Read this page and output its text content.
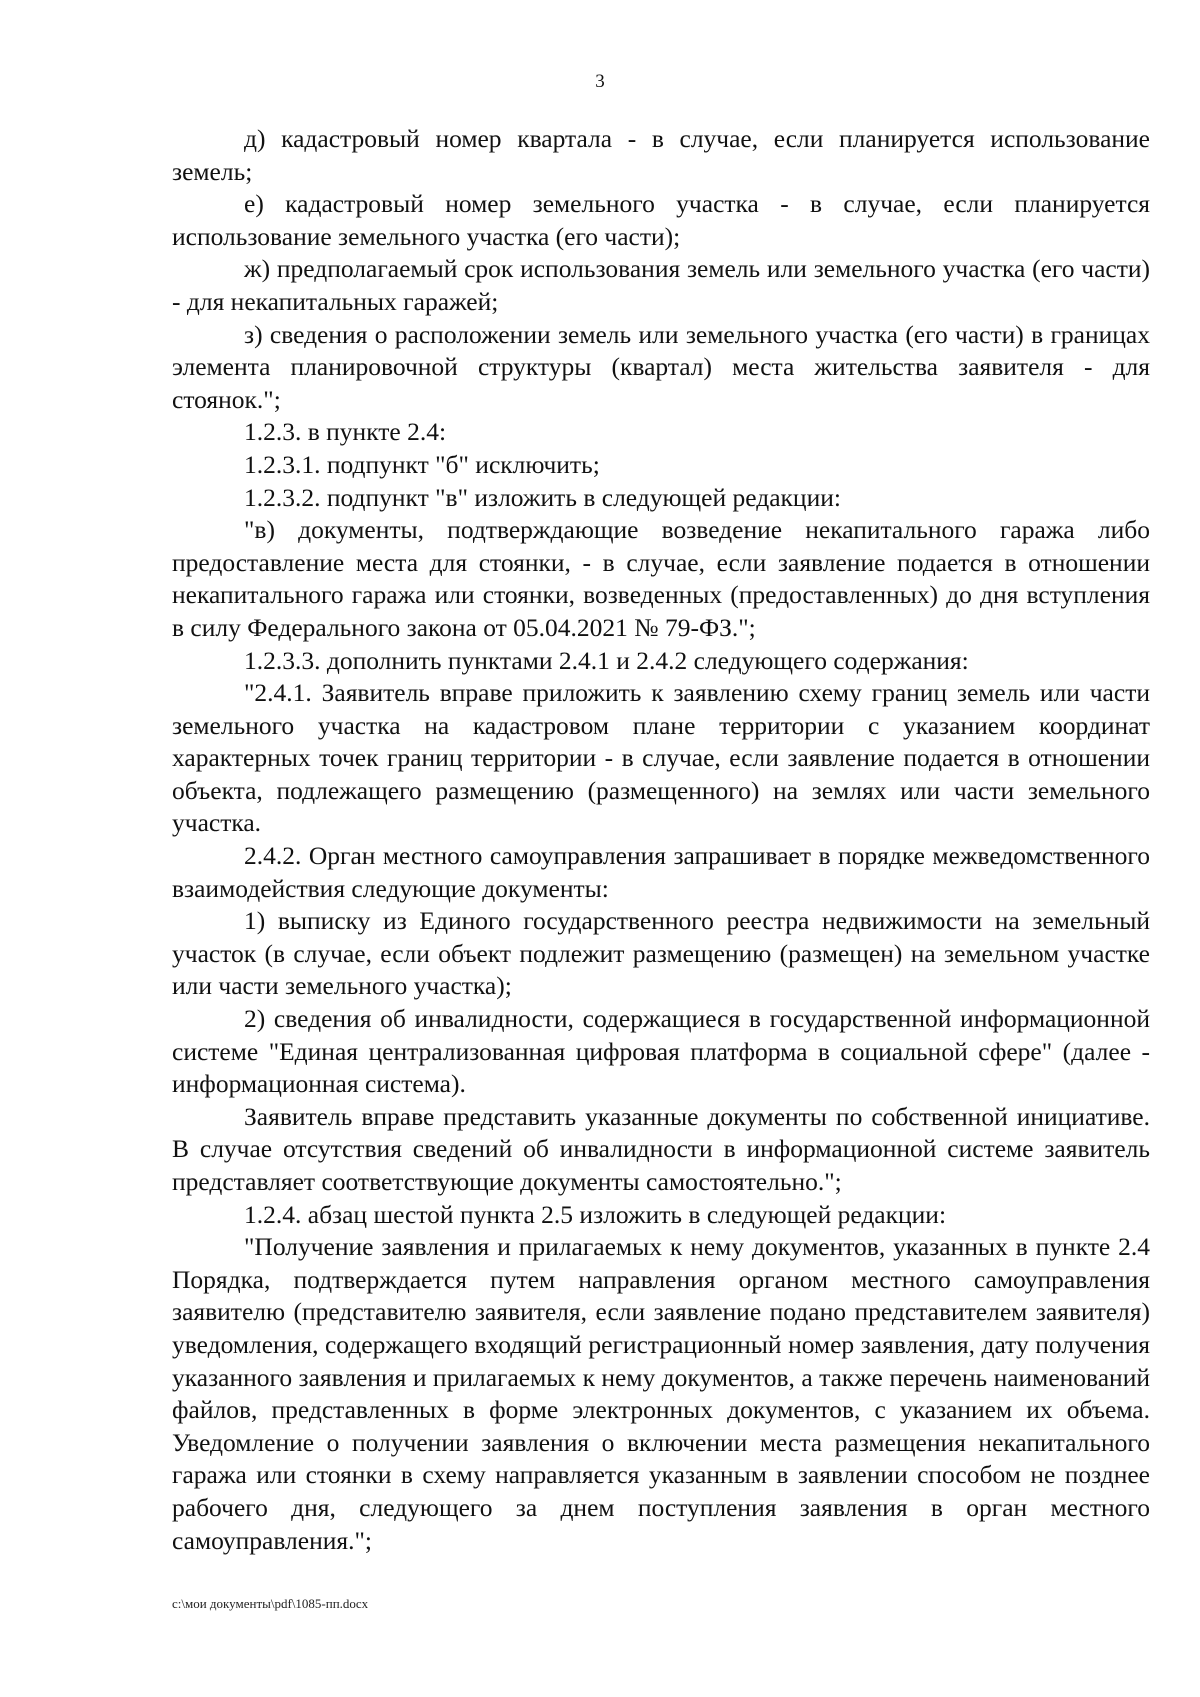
3

д) кадастровый номер квартала - в случае, если планируется использование земель;

е) кадастровый номер земельного участка - в случае, если планируется использование земельного участка (его части);

ж) предполагаемый срок использования земель или земельного участка (его части) - для некапитальных гаражей;

з) сведения о расположении земель или земельного участка (его части) в границах элемента планировочной структуры (квартал) места жительства заявителя - для стоянок.";

1.2.3. в пункте 2.4:

1.2.3.1. подпункт "б" исключить;

1.2.3.2. подпункт "в" изложить в следующей редакции:

"в) документы, подтверждающие возведение некапитального гаража либо предоставление места для стоянки, - в случае, если заявление подается в отношении некапитального гаража или стоянки, возведенных (предоставленных) до дня вступления в силу Федерального закона от 05.04.2021 № 79-ФЗ.";

1.2.3.3. дополнить пунктами 2.4.1 и 2.4.2 следующего содержания:

"2.4.1. Заявитель вправе приложить к заявлению схему границ земель или части земельного участка на кадастровом плане территории с указанием координат характерных точек границ территории - в случае, если заявление подается в отношении объекта, подлежащего размещению (размещенного) на землях или части земельного участка.

2.4.2. Орган местного самоуправления запрашивает в порядке межведомственного взаимодействия следующие документы:

1) выписку из Единого государственного реестра недвижимости на земельный участок (в случае, если объект подлежит размещению (размещен) на земельном участке или части земельного участка);

2) сведения об инвалидности, содержащиеся в государственной информационной системе "Единая централизованная цифровая платформа в социальной сфере" (далее - информационная система).

Заявитель вправе представить указанные документы по собственной инициативе. В случае отсутствия сведений об инвалидности в информационной системе заявитель представляет соответствующие документы самостоятельно.";

1.2.4. абзац шестой пункта 2.5 изложить в следующей редакции:

"Получение заявления и прилагаемых к нему документов, указанных в пункте 2.4 Порядка, подтверждается путем направления органом местного самоуправления заявителю (представителю заявителя, если заявление подано представителем заявителя) уведомления, содержащего входящий регистрационный номер заявления, дату получения указанного заявления и прилагаемых к нему документов, а также перечень наименований файлов, представленных в форме электронных документов, с указанием их объема. Уведомление о получении заявления о включении места размещения некапитального гаража или стоянки в схему направляется указанным в заявлении способом не позднее рабочего дня, следующего за днем поступления заявления в орган местного самоуправления.";

c:\мои документы\pdf\1085-пп.docx
